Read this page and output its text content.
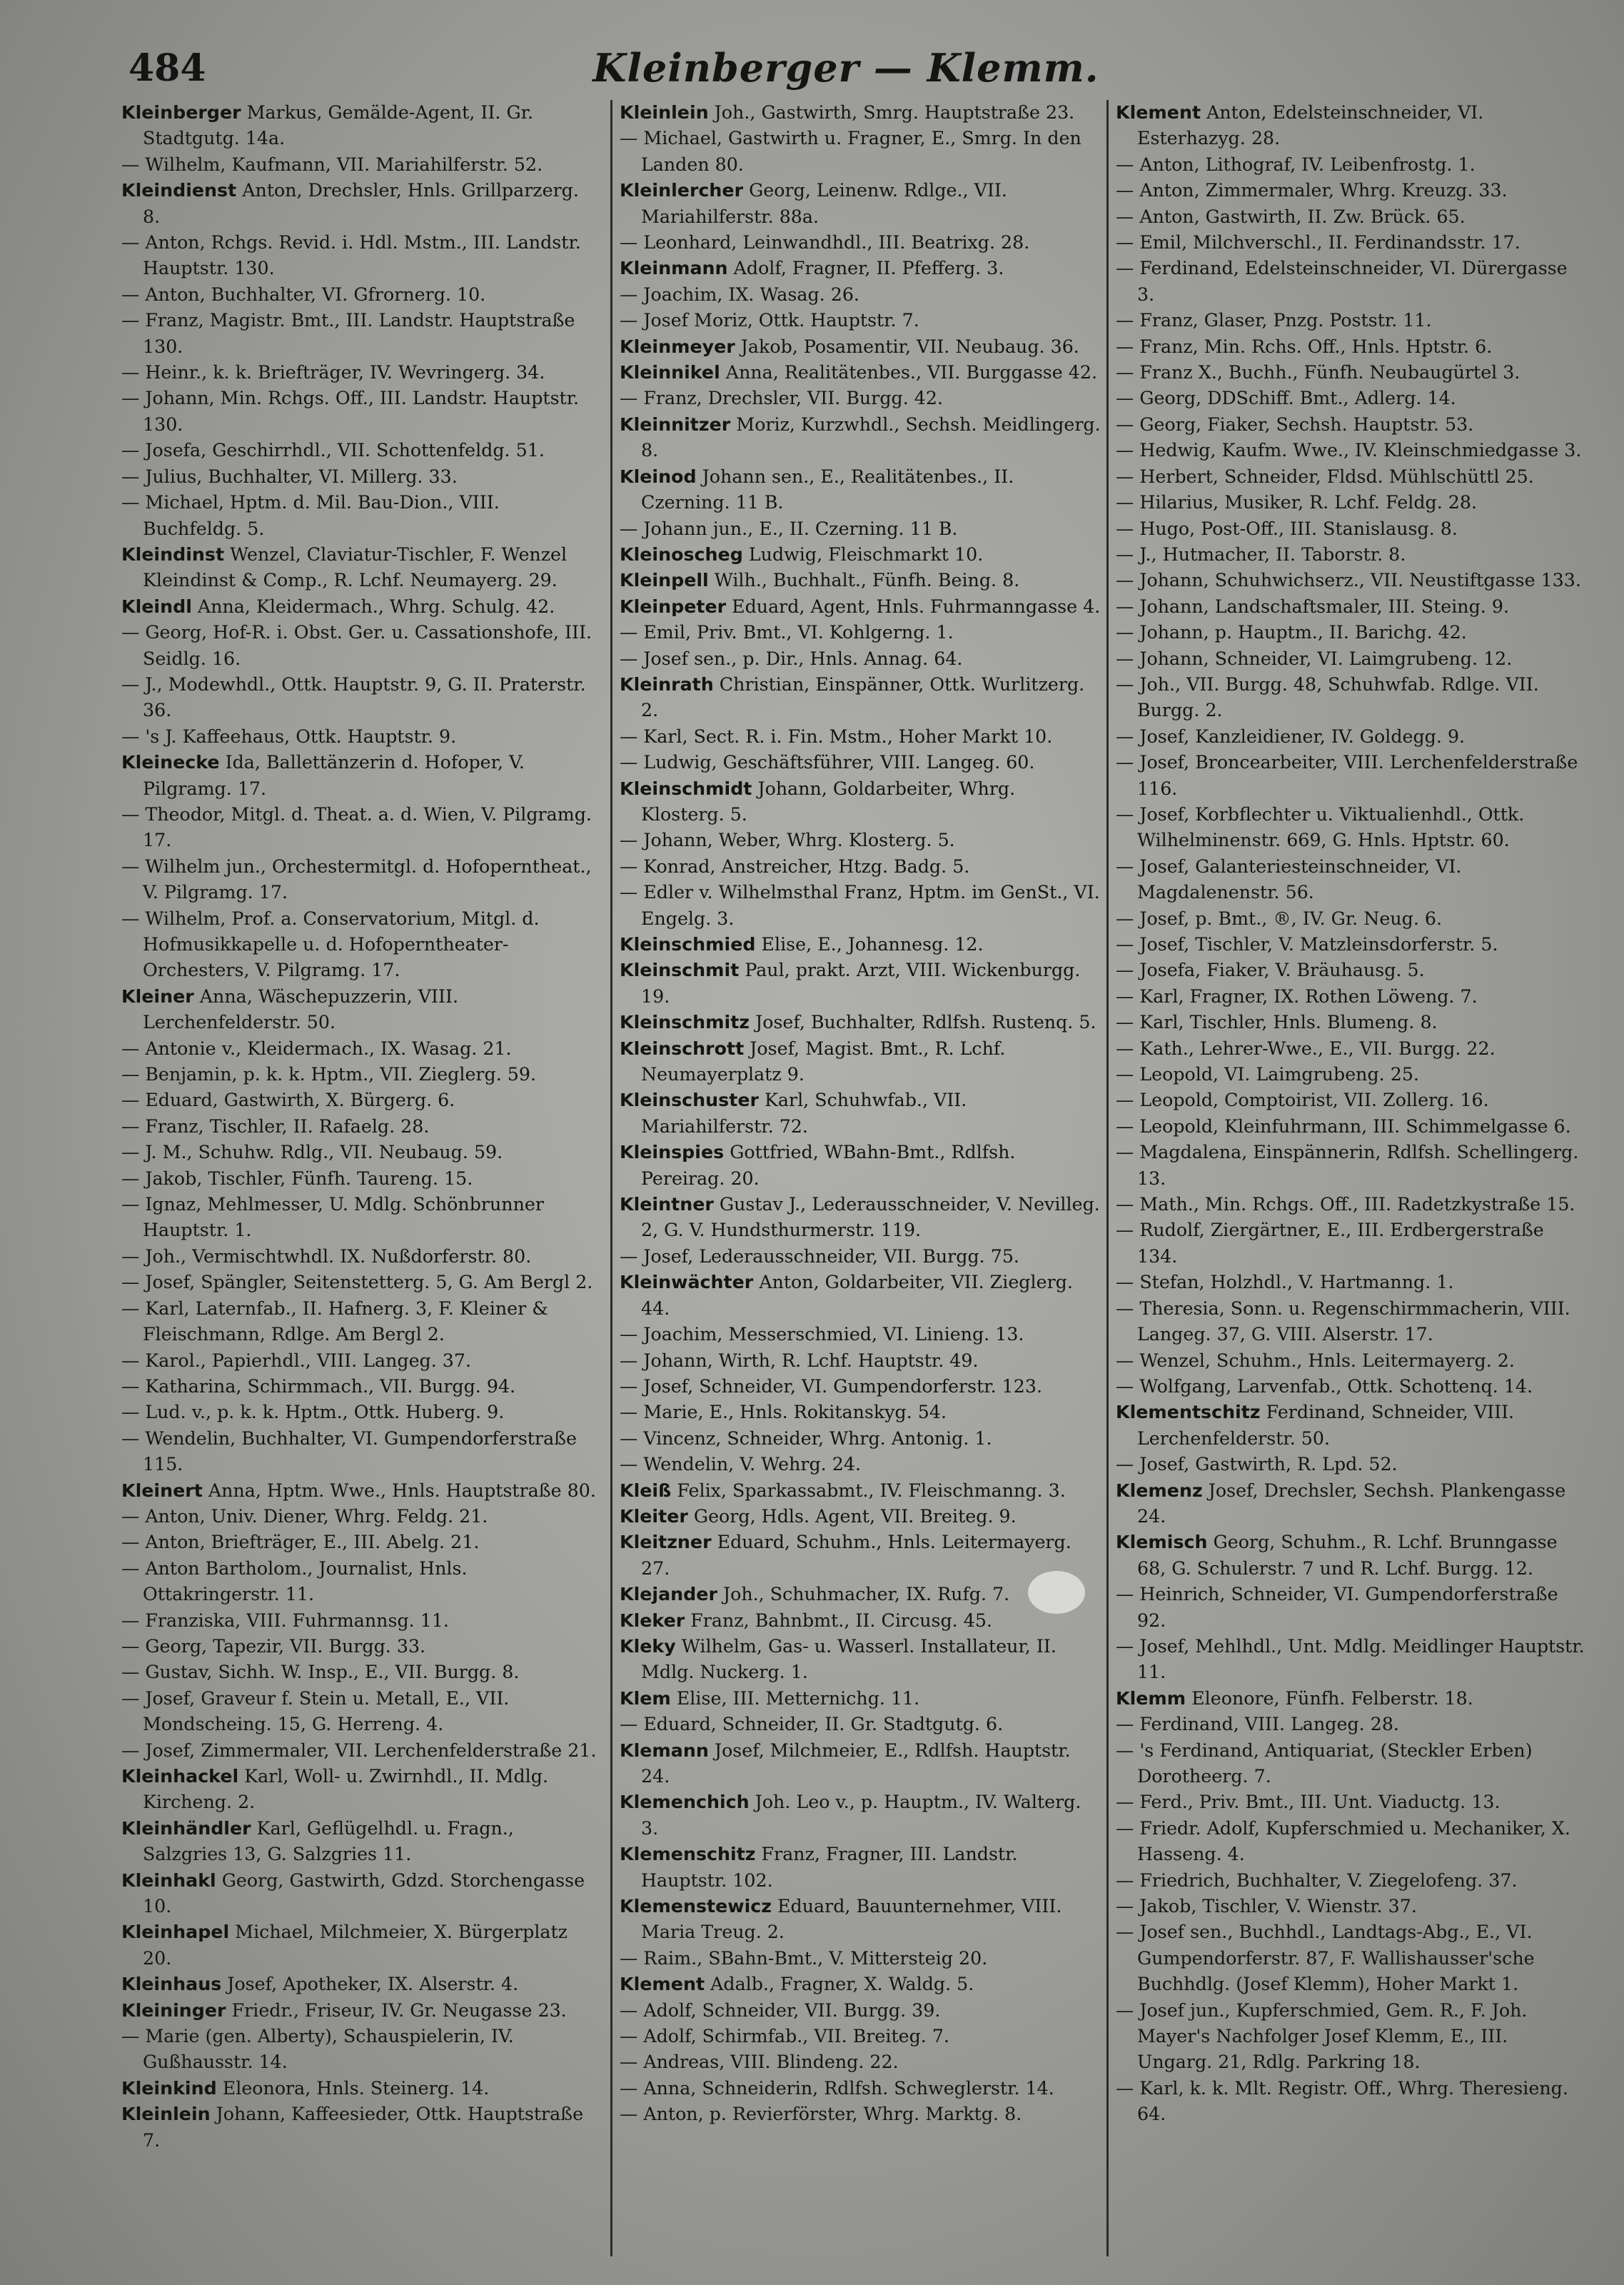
484	Kleinberger — Klemm.
Kleinberger Markus, Gemälde-Agent, II. Gr. Stadtgutg. 14a.
— Wilhelm, Kaufmann, VII. Mariahilferstr. 52.
Kleindienst Anton, Drechsler, Hnls. Grillparzerg. 8.
— Anton, Rchgs. Revid. i. Hdl. Mstm., III. Landstr. Hauptstr. 130.
— Anton, Buchhalter, VI. Gfrornerg. 10.
— Franz, Magistr. Bmt., III. Landstr. Hauptstraße 130.
— Heinr., k. k. Briefträger, IV. Wevringerg. 34.
— Johann, Min. Rchgs. Off., III. Landstr. Hauptstr. 130.
— Josefa, Geschirrhdl., VII. Schottenfeldg. 51.
— Julius, Buchhalter, VI. Millerg. 33.
— Michael, Hptm. d. Mil. Bau-Dion., VIII. Buchfeldg. 5.
Kleindinst Wenzel, Claviatur-Tischler, F. Wenzel Kleindinst & Comp., R. Lchf. Neumayerg. 29.
Kleindl Anna, Kleidermach., Whrg. Schulg. 42.
— Georg, Hof-R. i. Obst. Ger. u. Cassationshofe, III. Seidlg. 16.
— J., Modewhdl., Ottk. Hauptstr. 9, G. II. Praterstr. 36.
— 's J. Kaffeehaus, Ottk. Hauptstr. 9.
Kleinecke Ida, Ballettänzerin d. Hofoper, V. Pilgramg. 17.
— Theodor, Mitgl. d. Theat. a. d. Wien, V. Pilgramg. 17.
— Wilhelm jun., Orchestermitgl. d. Hofoperntheat., V. Pilgramg. 17.
— Wilhelm, Prof. a. Conservatorium, Mitgl. d. Hofmusikkapelle u. d. Hofoperntheater-Orchesters, V. Pilgramg. 17.
Kleiner Anna, Wäschepuzzerin, VIII. Lerchenfelderstr. 50.
— Antonie v., Kleidermach., IX. Wasag. 21.
— Benjamin, p. k. k. Hptm., VII. Zieglerg. 59.
— Eduard, Gastwirth, X. Bürgerg. 6.
— Franz, Tischler, II. Rafaelg. 28.
— J. M., Schuhw. Rdlg., VII. Neubaug. 59.
— Jakob, Tischler, Fünfh. Taureng. 15.
— Ignaz, Mehlmesser, U. Mdlg. Schönbrunner Hauptstr. 1.
— Joh., Vermischtwhdl. IX. Nußdorferstr. 80.
— Josef, Spängler, Seitenstetterg. 5, G. Am Bergl 2.
— Karl, Laternfab., II. Hafnerg. 3, F. Kleiner & Fleischmann, Rdlge. Am Bergl 2.
— Karol., Papierhdl., VIII. Langeg. 37.
— Katharina, Schirmmach., VII. Burgg. 94.
— Lud. v., p. k. k. Hptm., Ottk. Huberg. 9.
— Wendelin, Buchhalter, VI. Gumpendorferstraße 115.
Kleinert Anna, Hptm. Wwe., Hnls. Hauptstraße 80.
— Anton, Univ. Diener, Whrg. Feldg. 21.
— Anton, Briefträger, E., III. Abelg. 21.
— Anton Bartholom., Journalist, Hnls. Ottakringerstr. 11.
— Franziska, VIII. Fuhrmannsg. 11.
— Georg, Tapezir, VII. Burgg. 33.
— Gustav, Sichh. W. Insp., E., VII. Burgg. 8.
— Josef, Graveur f. Stein u. Metall, E., VII. Mondscheing. 15, G. Herreng. 4.
— Josef, Zimmermaler, VII. Lerchenfelderstraße 21.
Kleinhackel Karl, Woll- u. Zwirnhdl., II. Mdlg. Kircheng. 2.
Kleinhändler Karl, Geflügelhdl. u. Fragn., Salzgries 13, G. Salzgries 11.
Kleinhakl Georg, Gastwirth, Gdzd. Storchengasse 10.
Kleinhapel Michael, Milchmeier, X. Bürgerplatz 20.
Kleinhaus Josef, Apotheker, IX. Alserstr. 4.
Kleininger Friedr., Friseur, IV. Gr. Neugasse 23.
— Marie (gen. Alberty), Schauspielerin, IV. Gußhausstr. 14.
Kleinkind Eleonora, Hnls. Steinerg. 14.
Kleinlein Johann, Kaffeesieder, Ottk. Hauptstraße 7.
Kleinlein Joh., Gastwirth, Smrg. Hauptstraße 23.
— Michael, Gastwirth u. Fragner, E., Smrg. In den Landen 80.
Kleinlercher Georg, Leinenw. Rdlge., VII. Mariahilferstr. 88a.
— Leonhard, Leinwandhdl., III. Beatrixg. 28.
Kleinmann Adolf, Fragner, II. Pfefferg. 3.
— Joachim, IX. Wasag. 26.
— Josef Moriz, Ottk. Hauptstr. 7.
Kleinmeyer Jakob, Posamentir, VII. Neubaug. 36.
Kleinnikel Anna, Realitätenbes., VII. Burggasse 42.
— Franz, Drechsler, VII. Burgg. 42.
Kleinnitzer Moriz, Kurzwhdl., Sechsh. Meidlingerg. 8.
Kleinod Johann sen., E., Realitätenbes., II. Czerning. 11 B.
— Johann jun., E., II. Czerning. 11 B.
Kleinoscheg Ludwig, Fleischmarkt 10.
Kleinpell Wilh., Buchhalt., Fünfh. Being. 8.
Kleinpeter Eduard, Agent, Hnls. Fuhrmanngasse 4.
— Emil, Priv. Bmt., VI. Kohlgerng. 1.
— Josef sen., p. Dir., Hnls. Annag. 64.
Kleinrath Christian, Einspänner, Ottk. Wurlitzerg. 2.
— Karl, Sect. R. i. Fin. Mstm., Hoher Markt 10.
— Ludwig, Geschäftsführer, VIII. Langeg. 60.
Kleinschmidt Johann, Goldarbeiter, Whrg. Klosterg. 5.
— Johann, Weber, Whrg. Klosterg. 5.
— Konrad, Anstreicher, Htzg. Badg. 5.
— Edler v. Wilhelmsthal Franz, Hptm. im GenSt., VI. Engelg. 3.
Kleinschmied Elise, E., Johannesg. 12.
Kleinschmit Paul, prakt. Arzt, VIII. Wickenburgg. 19.
Kleinschmitz Josef, Buchhalter, Rdlfsh. Rustenq. 5.
Kleinschrott Josef, Magist. Bmt., R. Lchf. Neumayerplatz 9.
Kleinschuster Karl, Schuhwfab., VII. Mariahilferstr. 72.
Kleinspies Gottfried, WBahn-Bmt., Rdlfsh. Pereirag. 20.
Kleintner Gustav J., Lederausschneider, V. Nevilleg. 2, G. V. Hundsthurmerstr. 119.
— Josef, Lederausschneider, VII. Burgg. 75.
Kleinwächter Anton, Goldarbeiter, VII. Zieglerg. 44.
— Joachim, Messerschmied, VI. Linieng. 13.
— Johann, Wirth, R. Lchf. Hauptstr. 49.
— Josef, Schneider, VI. Gumpendorferstr. 123.
— Marie, E., Hnls. Rokitanskyg. 54.
— Vincenz, Schneider, Whrg. Antonig. 1.
— Wendelin, V. Wehrg. 24.
Kleiß Felix, Sparkassabmt., IV. Fleischmanng. 3.
Kleiter Georg, Hdls. Agent, VII. Breiteg. 9.
Kleitzner Eduard, Schuhm., Hnls. Leitermayerg. 27.
Klejander Joh., Schuhmacher, IX. Rufg. 7.
Kleker Franz, Bahnbmt., II. Circusg. 45.
Kleky Wilhelm, Gas- u. Wasserl. Installateur, II. Mdlg. Nuckerg. 1.
Klem Elise, III. Metternichg. 11.
— Eduard, Schneider, II. Gr. Stadtgutg. 6.
Klemann Josef, Milchmeier, E., Rdlfsh. Hauptstr. 24.
Klemenchich Joh. Leo v., p. Hauptm., IV. Walterg. 3.
Klemenschitz Franz, Fragner, III. Landstr. Hauptstr. 102.
Klemenstewicz Eduard, Bauunternehmer, VIII. Maria Treug. 2.
— Raim., SBahn-Bmt., V. Mittersteig 20.
Klement Adalb., Fragner, X. Waldg. 5.
— Adolf, Schneider, VII. Burgg. 39.
— Adolf, Schirmfab., VII. Breiteg. 7.
— Andreas, VIII. Blindeng. 22.
— Anna, Schneiderin, Rdlfsh. Schweglerstr. 14.
— Anton, p. Revierförster, Whrg. Marktg. 8.
Klement Anton, Edelsteinschneider, VI. Esterhazyg. 28.
— Anton, Lithograf, IV. Leibenfrostg. 1.
— Anton, Zimmermaler, Whrg. Kreuzg. 33.
— Anton, Gastwirth, II. Zw. Brück. 65.
— Emil, Milchverschl., II. Ferdinandsstr. 17.
— Ferdinand, Edelsteinschneider, VI. Dürergasse 3.
— Franz, Glaser, Pnzg. Poststr. 11.
— Franz, Min. Rchs. Off., Hnls. Hptstr. 6.
— Franz X., Buchh., Fünfh. Neubaugürtel 3.
— Georg, DDSchiff. Bmt., Adlerg. 14.
— Georg, Fiaker, Sechsh. Hauptstr. 53.
— Hedwig, Kaufm. Wwe., IV. Kleinschmiedgasse 3.
— Herbert, Schneider, Fldsd. Mühlschüttl 25.
— Hilarius, Musiker, R. Lchf. Feldg. 28.
— Hugo, Post-Off., III. Stanislausg. 8.
— J., Hutmacher, II. Taborstr. 8.
— Johann, Schuhwichserz., VII. Neustiftgasse 133.
— Johann, Landschaftsmaler, III. Steing. 9.
— Johann, p. Hauptm., II. Barichg. 42.
— Johann, Schneider, VI. Laimgrubeng. 12.
— Joh., VII. Burgg. 48, Schuhwfab. Rdlge. VII. Burgg. 2.
— Josef, Kanzleidiener, IV. Goldegg. 9.
— Josef, Broncearbeiter, VIII. Lerchenfelderstraße 116.
— Josef, Korbflechter u. Viktualienhdl., Ottk. Wilhelminenstr. 669, G. Hnls. Hptstr. 60.
— Josef, Galanteriesteinschneider, VI. Magdalenenstr. 56.
— Josef, p. Bmt., ®, IV. Gr. Neug. 6.
— Josef, Tischler, V. Matzleinsdorferstr. 5.
— Josefa, Fiaker, V. Bräuhausg. 5.
— Karl, Fragner, IX. Rothen Löweng. 7.
— Karl, Tischler, Hnls. Blumeng. 8.
— Kath., Lehrer-Wwe., E., VII. Burgg. 22.
— Leopold, VI. Laimgrubeng. 25.
— Leopold, Comptoirist, VII. Zollerg. 16.
— Leopold, Kleinfuhrmann, III. Schimmelgasse 6.
— Magdalena, Einspännerin, Rdlfsh. Schellingerg. 13.
— Math., Min. Rchgs. Off., III. Radetzkystraße 15.
— Rudolf, Ziergärtner, E., III. Erdbergerstraße 134.
— Stefan, Holzhdl., V. Hartmanng. 1.
— Theresia, Sonn. u. Regenschirmmacherin, VIII. Langeg. 37, G. VIII. Alserstr. 17.
— Wenzel, Schuhm., Hnls. Leitermayerg. 2.
— Wolfgang, Larvenfab., Ottk. Schottenq. 14.
Klementschitz Ferdinand, Schneider, VIII. Lerchenfelderstr. 50.
— Josef, Gastwirth, R. Lpd. 52.
Klemenz Josef, Drechsler, Sechsh. Plankengasse 24.
Klemisch Georg, Schuhm., R. Lchf. Brunngasse 68, G. Schulerstr. 7 und R. Lchf. Burgg. 12.
— Heinrich, Schneider, VI. Gumpendorferstraße 92.
— Josef, Mehlhdl., Unt. Mdlg. Meidlinger Hauptstr. 11.
Klemm Eleonore, Fünfh. Felberstr. 18.
— Ferdinand, VIII. Langeg. 28.
— 's Ferdinand, Antiquariat, (Steckler Erben) Dorotheerg. 7.
— Ferd., Priv. Bmt., III. Unt. Viaductg. 13.
— Friedr. Adolf, Kupferschmied u. Mechaniker, X. Hasseng. 4.
— Friedrich, Buchhalter, V. Ziegelofeng. 37.
— Jakob, Tischler, V. Wienstr. 37.
— Josef sen., Buchhdl., Landtags-Abg., E., VI. Gumpendorferstr. 87, F. Wallishausser'sche Buchhdlg. (Josef Klemm), Hoher Markt 1.
— Josef jun., Kupferschmied, Gem. R., F. Joh. Mayer's Nachfolger Josef Klemm, E., III. Ungarg. 21, Rdlg. Parkring 18.
— Karl, k. k. Mlt. Registr. Off., Whrg. Theresieng. 64.
